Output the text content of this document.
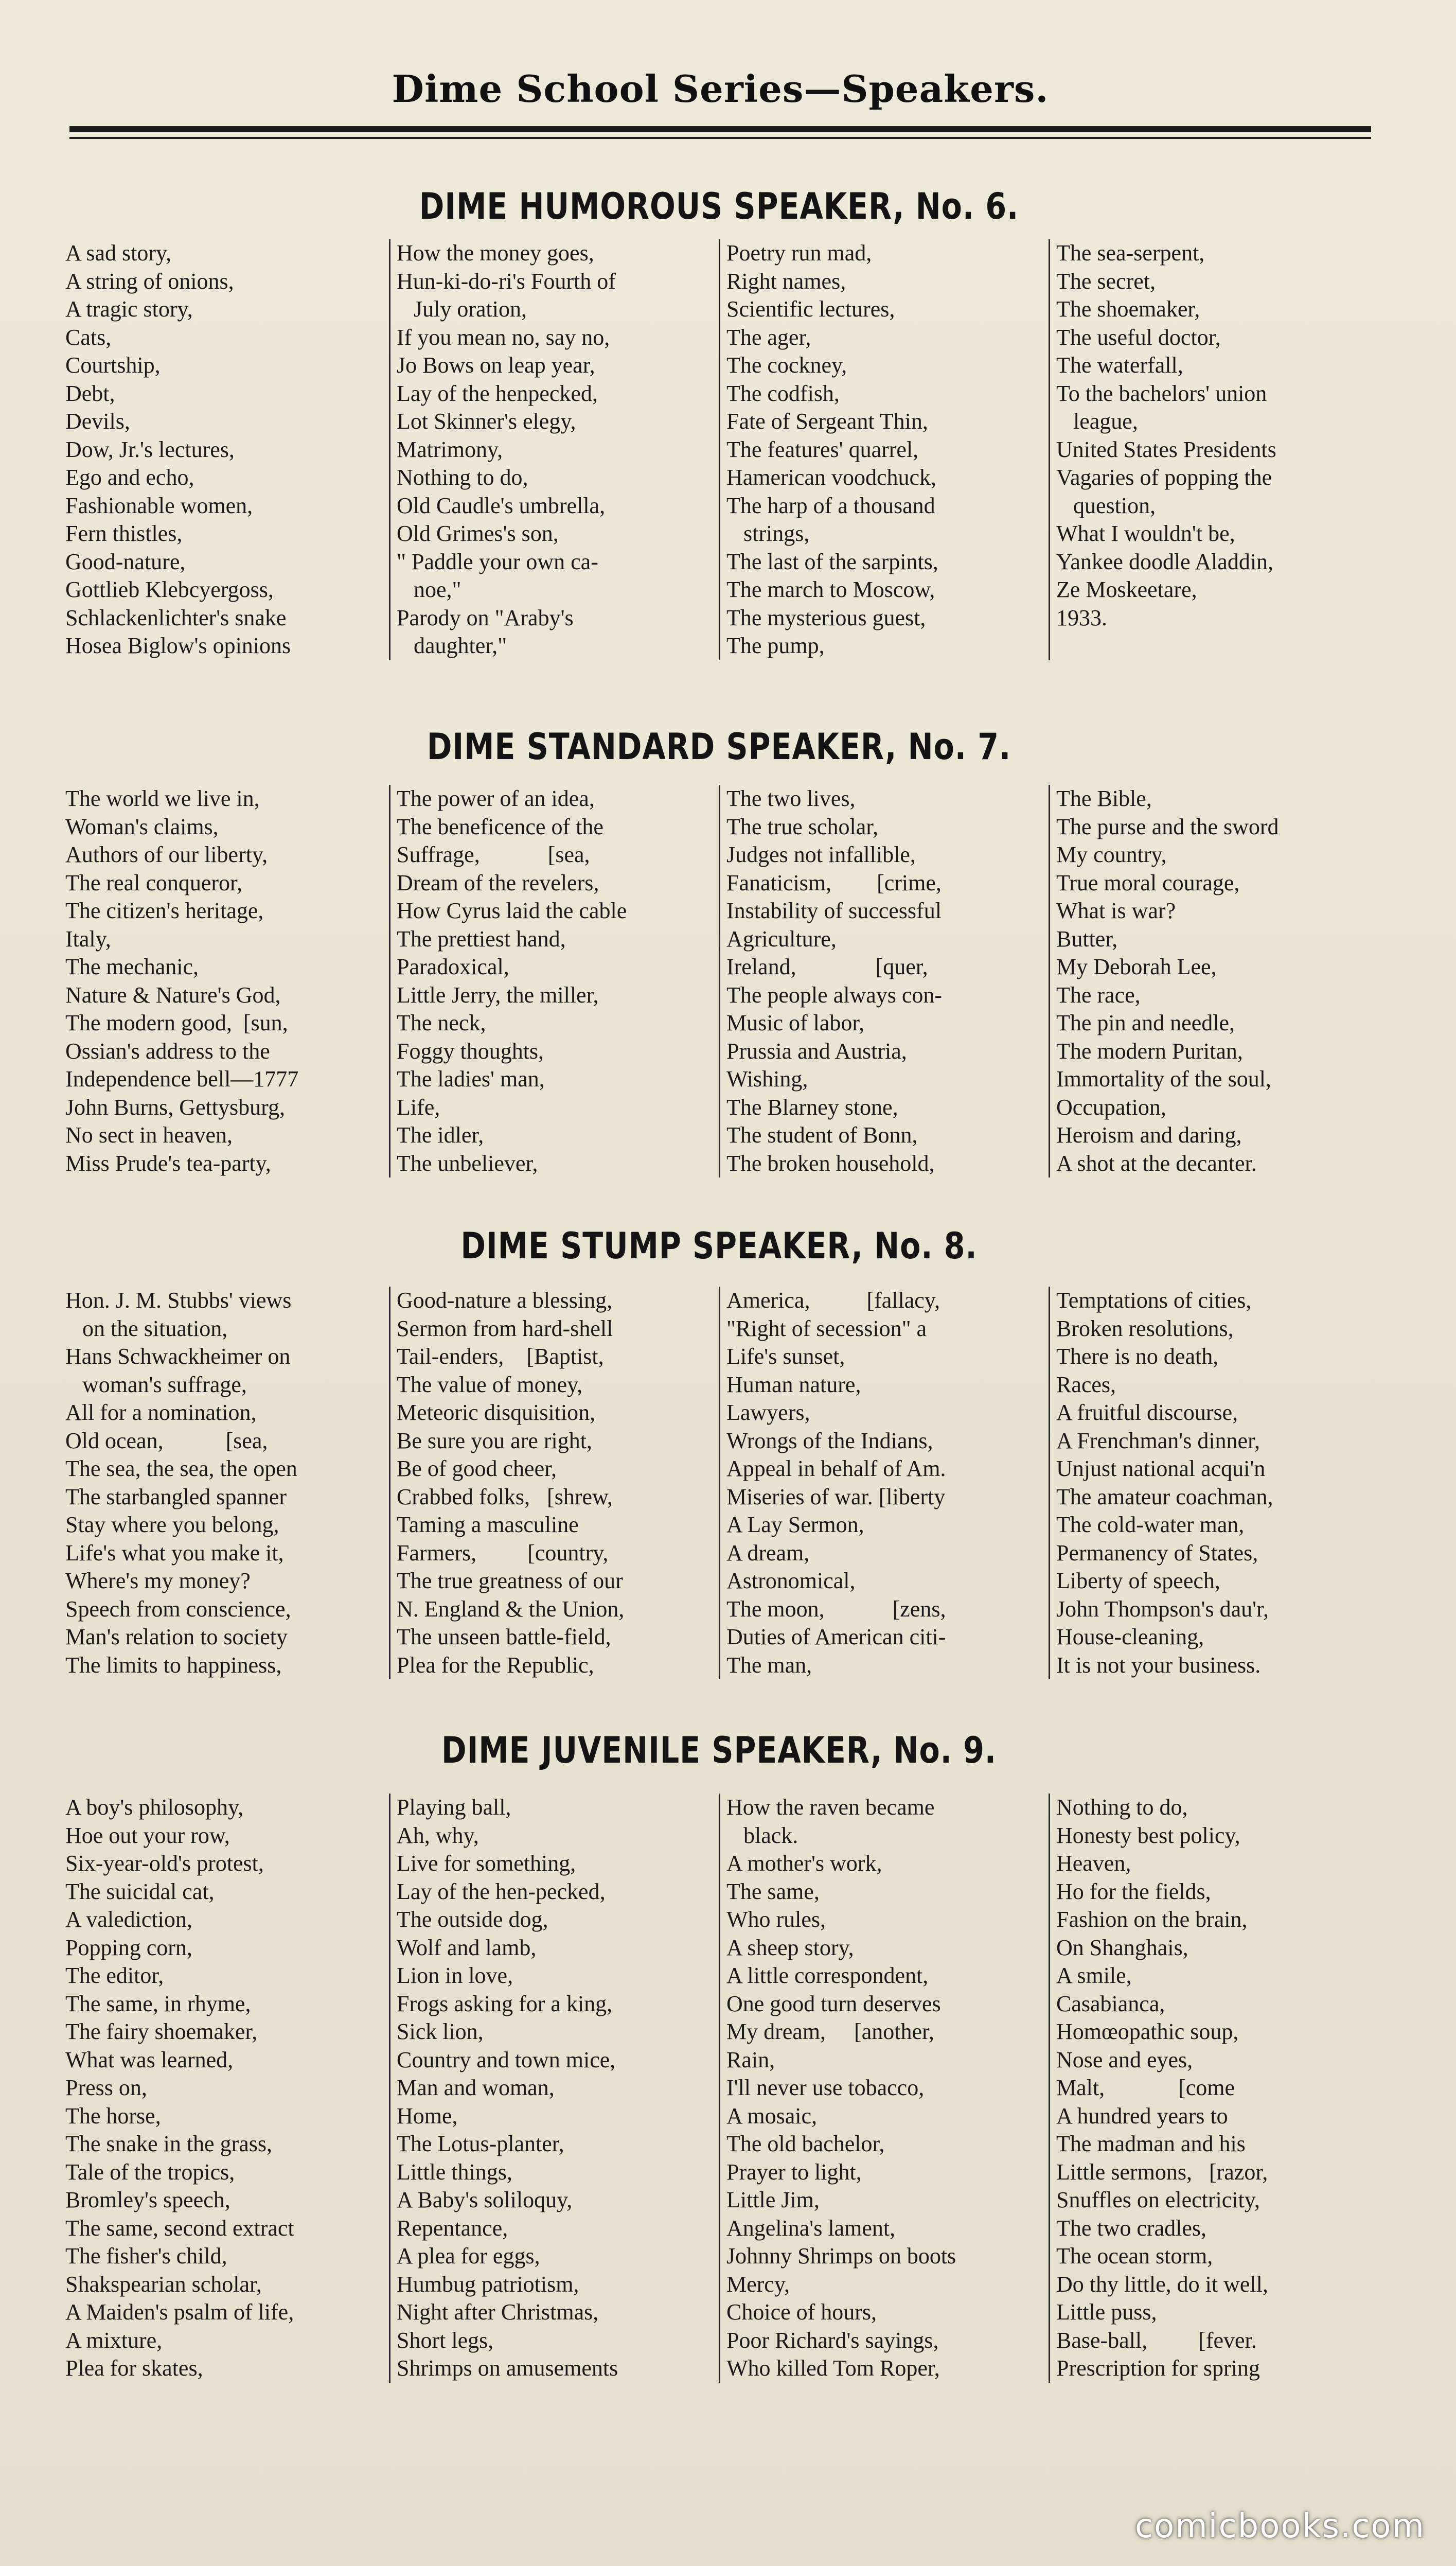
Dime School Series—Speakers.
DIME HUMOROUS SPEAKER, No. 6.
A sad story,
A string of onions,
A tragic story,
Cats,
Courtship,
Debt,
Devils,
Dow, Jr.'s lectures,
Ego and echo,
Fashionable women,
Fern thistles,
Good-nature,
Gottlieb Klebcyergoss,
Schlackenlichter's snake
Hosea Biglow's opinions
How the money goes,
Hun-ki-do-ri's Fourth of
July oration,
If you mean no, say no,
Jo Bows on leap year,
Lay of the henpecked,
Lot Skinner's elegy,
Matrimony,
Nothing to do,
Old Caudle's umbrella,
Old Grimes's son,
" Paddle your own ca-
noe,"
Parody on "Araby's
daughter,"
Poetry run mad,
Right names,
Scientific lectures,
The ager,
The cockney,
The codfish,
Fate of Sergeant Thin,
The features' quarrel,
Hamerican voodchuck,
The harp of a thousand
strings,
The last of the sarpints,
The march to Moscow,
The mysterious guest,
The pump,
The sea-serpent,
The secret,
The shoemaker,
The useful doctor,
The waterfall,
To the bachelors' union
league,
United States Presidents
Vagaries of popping the
question,
What I wouldn't be,
Yankee doodle Aladdin,
Ze Moskeetare,
1933.
DIME STANDARD SPEAKER, No. 7.
The world we live in,
Woman's claims,
Authors of our liberty,
The real conqueror,
The citizen's heritage,
Italy,
The mechanic,
Nature & Nature's God,
The modern good,  [sun,
Ossian's address to the
Independence bell—1777
John Burns, Gettysburg,
No sect in heaven,
Miss Prude's tea-party,
The power of an idea,
The beneficence of the
Suffrage,            [sea,
Dream of the revelers,
How Cyrus laid the cable
The prettiest hand,
Paradoxical,
Little Jerry, the miller,
The neck,
Foggy thoughts,
The ladies' man,
Life,
The idler,
The unbeliever,
The two lives,
The true scholar,
Judges not infallible,
Fanaticism,        [crime,
Instability of successful
Agriculture,
Ireland,              [quer,
The people always con-
Music of labor,
Prussia and Austria,
Wishing,
The Blarney stone,
The student of Bonn,
The broken household,
The Bible,
The purse and the sword
My country,
True moral courage,
What is war?
Butter,
My Deborah Lee,
The race,
The pin and needle,
The modern Puritan,
Immortality of the soul,
Occupation,
Heroism and daring,
A shot at the decanter.
DIME STUMP SPEAKER, No. 8.
Hon. J. M. Stubbs' views
on the situation,
Hans Schwackheimer on
woman's suffrage,
All for a nomination,
Old ocean,           [sea,
The sea, the sea, the open
The starbangled spanner
Stay where you belong,
Life's what you make it,
Where's my money?
Speech from conscience,
Man's relation to society
The limits to happiness,
Good-nature a blessing,
Sermon from hard-shell
Tail-enders,    [Baptist,
The value of money,
Meteoric disquisition,
Be sure you are right,
Be of good cheer,
Crabbed folks,   [shrew,
Taming a masculine
Farmers,         [country,
The true greatness of our
N. England & the Union,
The unseen battle-field,
Plea for the Republic,
America,          [fallacy,
"Right of secession" a
Life's sunset,
Human nature,
Lawyers,
Wrongs of the Indians,
Appeal in behalf of Am.
Miseries of war. [liberty
A Lay Sermon,
A dream,
Astronomical,
The moon,            [zens,
Duties of American citi-
The man,
Temptations of cities,
Broken resolutions,
There is no death,
Races,
A fruitful discourse,
A Frenchman's dinner,
Unjust national acqui'n
The amateur coachman,
The cold-water man,
Permanency of States,
Liberty of speech,
John Thompson's dau'r,
House-cleaning,
It is not your business.
DIME JUVENILE SPEAKER, No. 9.
A boy's philosophy,
Hoe out your row,
Six-year-old's protest,
The suicidal cat,
A valediction,
Popping corn,
The editor,
The same, in rhyme,
The fairy shoemaker,
What was learned,
Press on,
The horse,
The snake in the grass,
Tale of the tropics,
Bromley's speech,
The same, second extract
The fisher's child,
Shakspearian scholar,
A Maiden's psalm of life,
A mixture,
Plea for skates,
Playing ball,
Ah, why,
Live for something,
Lay of the hen-pecked,
The outside dog,
Wolf and lamb,
Lion in love,
Frogs asking for a king,
Sick lion,
Country and town mice,
Man and woman,
Home,
The Lotus-planter,
Little things,
A Baby's soliloquy,
Repentance,
A plea for eggs,
Humbug patriotism,
Night after Christmas,
Short legs,
Shrimps on amusements
How the raven became
black.
A mother's work,
The same,
Who rules,
A sheep story,
A little correspondent,
One good turn deserves
My dream,     [another,
Rain,
I'll never use tobacco,
A mosaic,
The old bachelor,
Prayer to light,
Little Jim,
Angelina's lament,
Johnny Shrimps on boots
Mercy,
Choice of hours,
Poor Richard's sayings,
Who killed Tom Roper,
Nothing to do,
Honesty best policy,
Heaven,
Ho for the fields,
Fashion on the brain,
On Shanghais,
A smile,
Casabianca,
Homœopathic soup,
Nose and eyes,
Malt,             [come
A hundred years to
The madman and his
Little sermons,   [razor,
Snuffles on electricity,
The two cradles,
The ocean storm,
Do thy little, do it well,
Little puss,
Base-ball,         [fever.
Prescription for spring
comicbooks.com
